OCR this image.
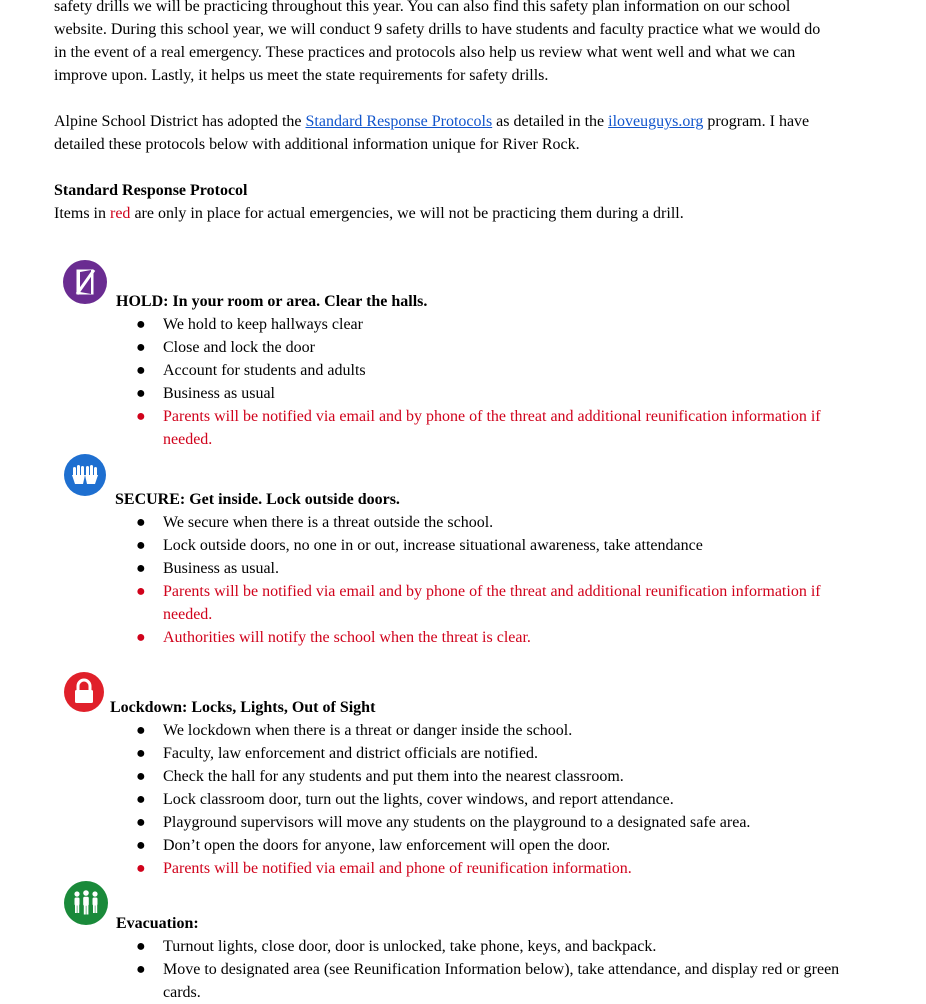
safety drills we will be practicing throughout this year. You can also find this safety plan information on our school
website. During this school year, we will conduct 9 safety drills to have students and faculty practice what we would do
in the event of a real emergency. These practices and protocols also help us review what went well and what we can
improve upon. Lastly, it helps us meet the state requirements for safety drills.

Alpine School District has adopted the Standard Response Protocols as detailed in the iloveuguys.org program. I have
detailed these protocols below with additional information unique for River Rock.

Standard Response Protocol

Items in red are only in place for actual emergencies, we will not be practicing them during a drill.

HOLD: In your room or area. Clear the halls.
●	We hold to keep hallways clear
●	Close and lock the door
●	Account for students and adults
●	Business as usual
●	Parents will be notified via email and by phone of the threat and additional reunification information if
needed.
SECURE: Get inside. Lock outside doors.
●	We secure when there is a threat outside the school.
●	Lock outside doors, no one in or out, increase situational awareness, take attendance
●	Business as usual.
●	Parents will be notified via email and by phone of the threat and additional reunification information if
needed.
●	Authorities will notify the school when the threat is clear.
Lockdown: Locks, Lights, Out of Sight
●	We lockdown when there is a threat or danger inside the school.
●	Faculty, law enforcement and district officials are notified.
●	Check the hall for any students and put them into the nearest classroom.
●	Lock classroom door, turn out the lights, cover windows, and report attendance.
●	Playground supervisors will move any students on the playground to a designated safe area.
●	Don’t open the doors for anyone, law enforcement will open the door.
●	Parents will be notified via email and phone of reunification information.
Evacuation:
●	Turnout lights, close door, door is unlocked, take phone, keys, and backpack.
●	Move to designated area (see Reunification Information below), take attendance, and display red or green
cards.
